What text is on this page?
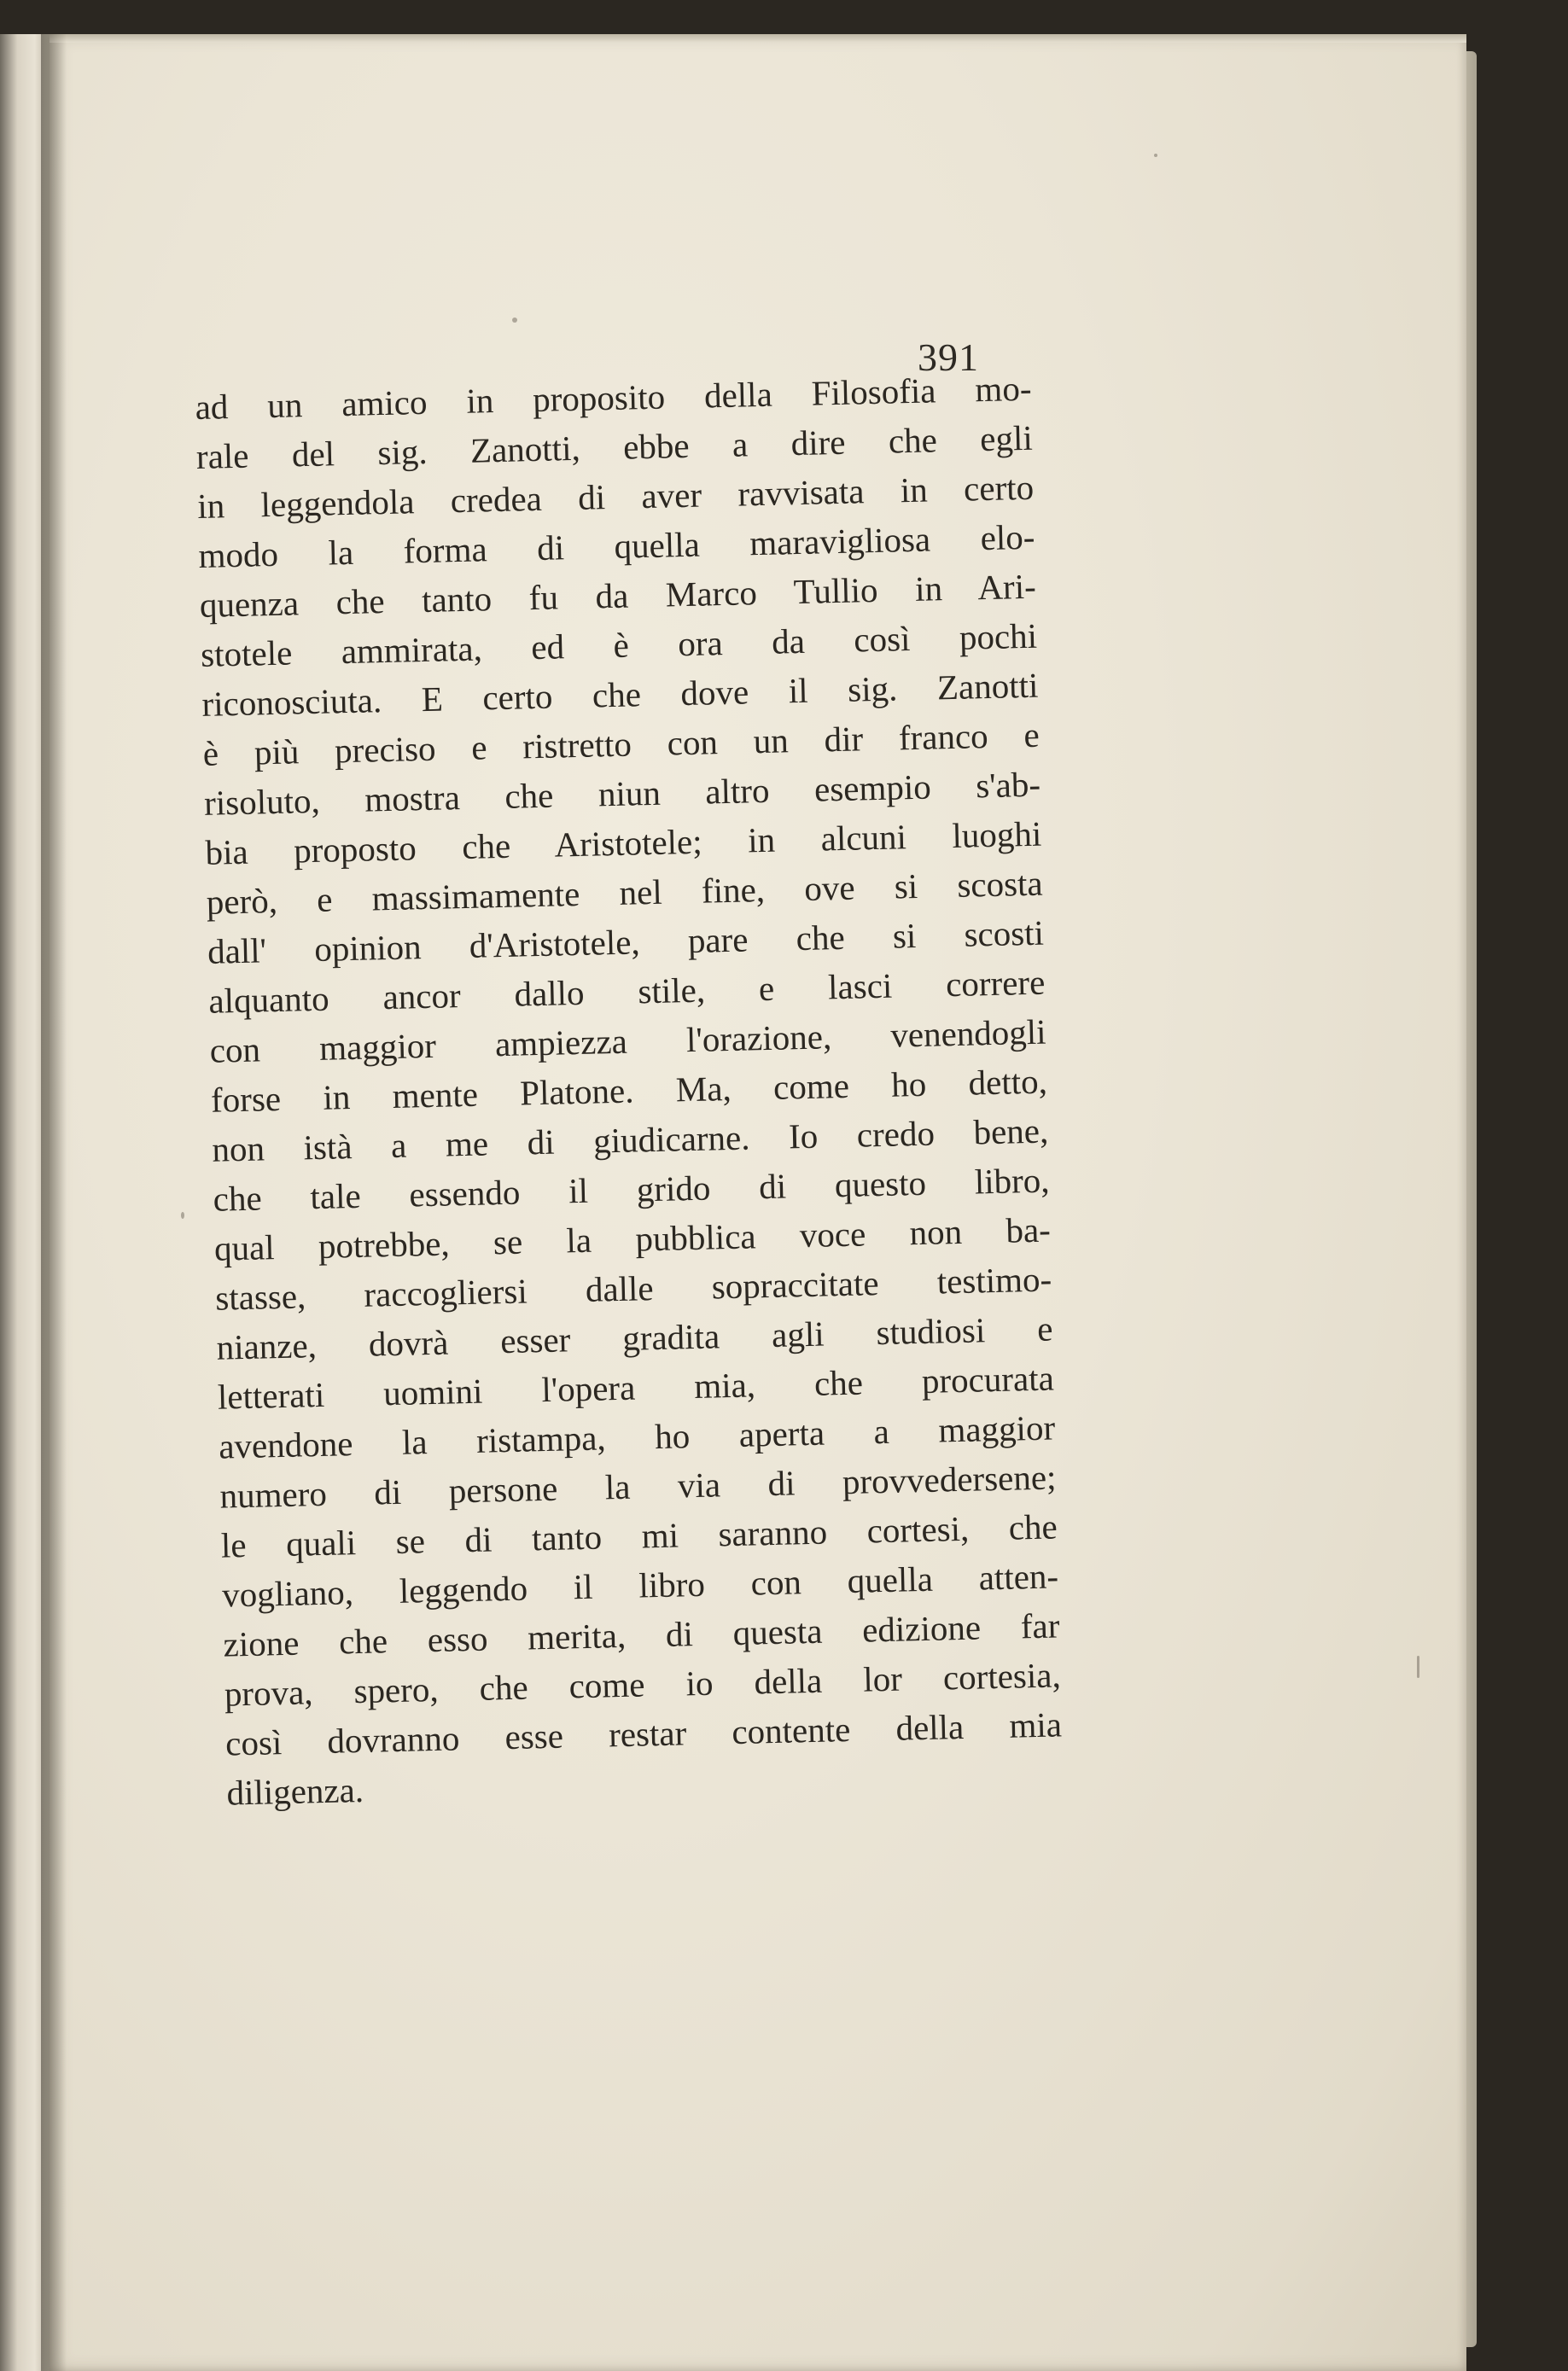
​
​
​
391
ad un amico in proposito della Filosofia mo-
rale del sig. Zanotti, ebbe a dire che egli
in leggendola credea di aver ravvisata in certo
modo la forma di quella maravigliosa elo-
quenza che tanto fu da Marco Tullio in Ari-
stotele ammirata, ed è ora da così pochi
riconosciuta. E certo che dove il sig. Zanotti
è più preciso e ristretto con un dir franco e
risoluto, mostra che niun altro esempio s'ab-
bia proposto che Aristotele; in alcuni luoghi
però, e massimamente nel fine, ove si scosta
dall' opinion d'Aristotele, pare che si scosti
alquanto ancor dallo stile, e lasci correre
con maggior ampiezza l'orazione, venendogli
forse in mente Platone. Ma, come ho detto,
non istà a me di giudicarne. Io credo bene,
che tale essendo il grido di questo libro,
qual potrebbe, se la pubblica voce non ba-
stasse, raccogliersi dalle sopraccitate testimo-
nianze, dovrà esser gradita agli studiosi e
letterati uomini l'opera mia, che procurata
avendone la ristampa, ho aperta a maggior
numero di persone la via di provvedersene;
le quali se di tanto mi saranno cortesi, che
vogliano, leggendo il libro con quella atten-
zione che esso merita, di questa edizione far
prova, spero, che come io della lor cortesia,
così dovranno esse restar contente della mia
diligenza.
